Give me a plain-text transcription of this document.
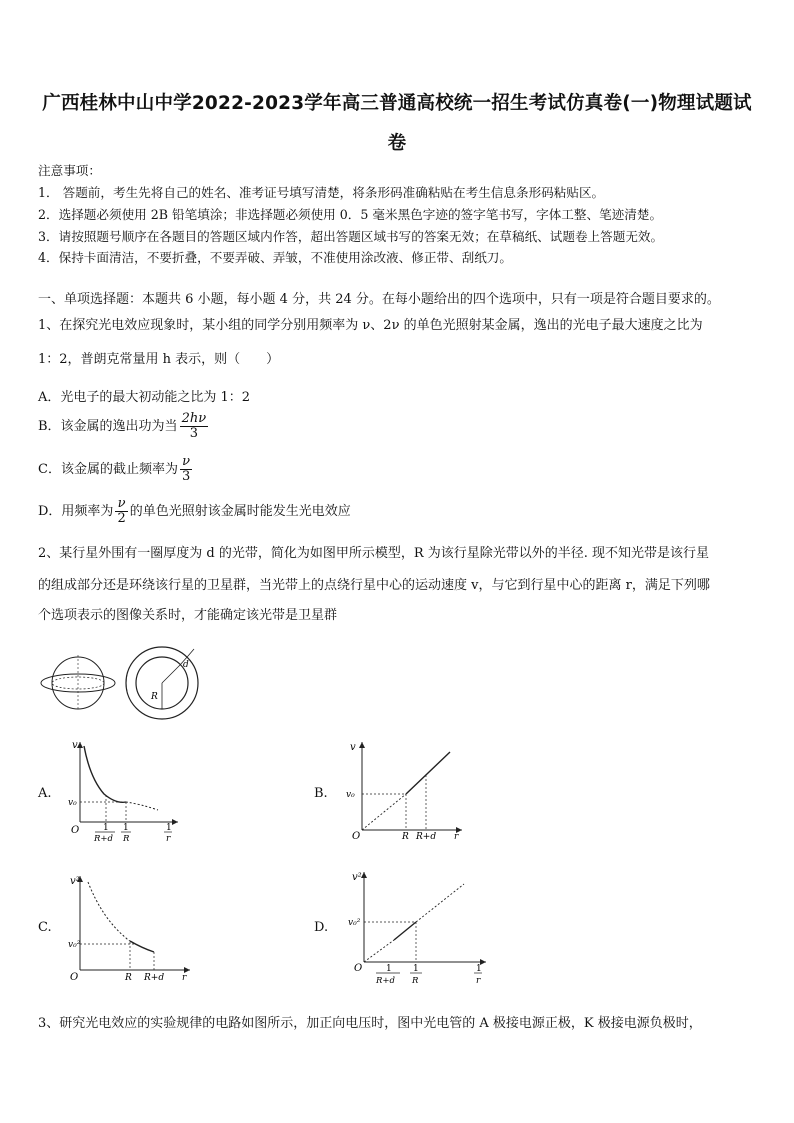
广西桂林中山中学2022-2023学年高三普通高校统一招生考试仿真卷(一)物理试题试
卷
注意事项：
1． 答题前，考生先将自己的姓名、准考证号填写清楚，将条形码准确粘贴在考生信息条形码粘贴区。
2．选择题必须使用 2B 铅笔填涂；非选择题必须使用 0．5 毫米黑色字迹的签字笔书写，字体工整、笔迹清楚。
3．请按照题号顺序在各题目的答题区域内作答，超出答题区域书写的答案无效；在草稿纸、试题卷上答题无效。
4．保持卡面清洁，不要折叠，不要弄破、弄皱，不准使用涂改液、修正带、刮纸刀。
一、单项选择题：本题共 6 小题，每小题 4 分，共 24 分。在每小题给出的四个选项中，只有一项是符合题目要求的。
1、在探究光电效应现象时，某小组的同学分别用频率为 ν、2ν 的单色光照射某金属，逸出的光电子最大速度之比为
1：2，普朗克常量用 h 表示，则（　　）
A．光电子的最大初动能之比为 1：2
B．该金属的逸出功为当 $\frac{2h\nu}{3}$
C．该金属的截止频率为 $\frac{\nu}{3}$
D．用频率为 $\frac{\nu}{2}$ 的单色光照射该金属时能发生光电效应
2、某行星外围有一圈厚度为 d 的光带，简化为如图甲所示模型，R 为该行星除光带以外的半径. 现不知光带是该行星
的组成部分还是环绕该行星的卫星群，当光带上的点绕行星中心的运动速度 v，与它到行星中心的距离 r，满足下列哪
个选项表示的图像关系时，才能确定该光带是卫星群
d
R
A.	B.
C.	D.
v
v₀
O	1
R+d
1
R
1
r
v
v₀
O	R R+d r
v²
v₀²
O	R R+d r
v²
v₀²
O	1
R+d
1
R
1
r
3、研究光电效应的实验规律的电路如图所示，加正向电压时，图中光电管的 A 极接电源正极，K 极接电源负极时，
